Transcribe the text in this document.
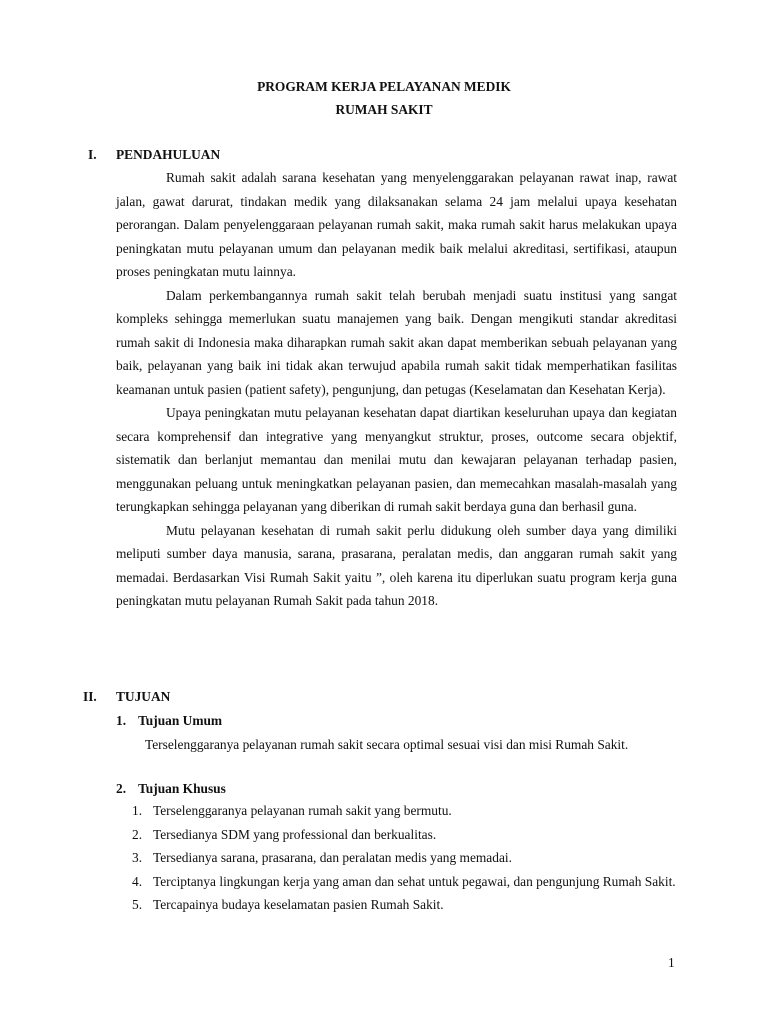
PROGRAM KERJA PELAYANAN MEDIK
RUMAH SAKIT
I. PENDAHULUAN

Rumah sakit adalah sarana kesehatan yang menyelenggarakan pelayanan rawat inap, rawat jalan, gawat darurat, tindakan medik yang dilaksanakan selama 24 jam melalui upaya kesehatan perorangan. Dalam penyelenggaraan pelayanan rumah sakit, maka rumah sakit harus melakukan upaya peningkatan mutu pelayanan umum dan pelayanan medik baik melalui akreditasi, sertifikasi, ataupun proses peningkatan mutu lainnya.

Dalam perkembangannya rumah sakit telah berubah menjadi suatu institusi yang sangat kompleks sehingga memerlukan suatu manajemen yang baik. Dengan mengikuti standar akreditasi rumah sakit di Indonesia maka diharapkan rumah sakit akan dapat memberikan sebuah pelayanan yang baik, pelayanan yang baik ini tidak akan terwujud apabila rumah sakit tidak memperhatikan fasilitas keamanan untuk pasien (patient safety), pengunjung, dan petugas (Keselamatan dan Kesehatan Kerja).

Upaya peningkatan mutu pelayanan kesehatan dapat diartikan keseluruhan upaya dan kegiatan secara komprehensif dan integrative yang menyangkut struktur, proses, outcome secara objektif, sistematik dan berlanjut memantau dan menilai mutu dan kewajaran pelayanan terhadap pasien, menggunakan peluang untuk meningkatkan pelayanan pasien, dan memecahkan masalah-masalah yang terungkapkan sehingga pelayanan yang diberikan di rumah sakit berdaya guna dan berhasil guna.

Mutu pelayanan kesehatan di rumah sakit perlu didukung oleh sumber daya yang dimiliki meliputi sumber daya manusia, sarana, prasarana, peralatan medis, dan anggaran rumah sakit yang memadai. Berdasarkan Visi Rumah Sakit yaitu ”, oleh karena itu diperlukan suatu program kerja guna peningkatan mutu pelayanan Rumah Sakit pada tahun 2018.

II. TUJUAN
1. Tujuan Umum

Terselenggaranya pelayanan rumah sakit secara optimal sesuai visi dan misi Rumah Sakit.

2. Tujuan Khusus
1. Terselenggaranya pelayanan rumah sakit yang bermutu.
2. Tersedianya SDM yang professional dan berkualitas.
3. Tersedianya sarana, prasarana, dan peralatan medis yang memadai.
4. Terciptanya lingkungan kerja yang aman dan sehat untuk pegawai, dan pengunjung Rumah Sakit.
5. Tercapainya budaya keselamatan pasien Rumah Sakit.
1
